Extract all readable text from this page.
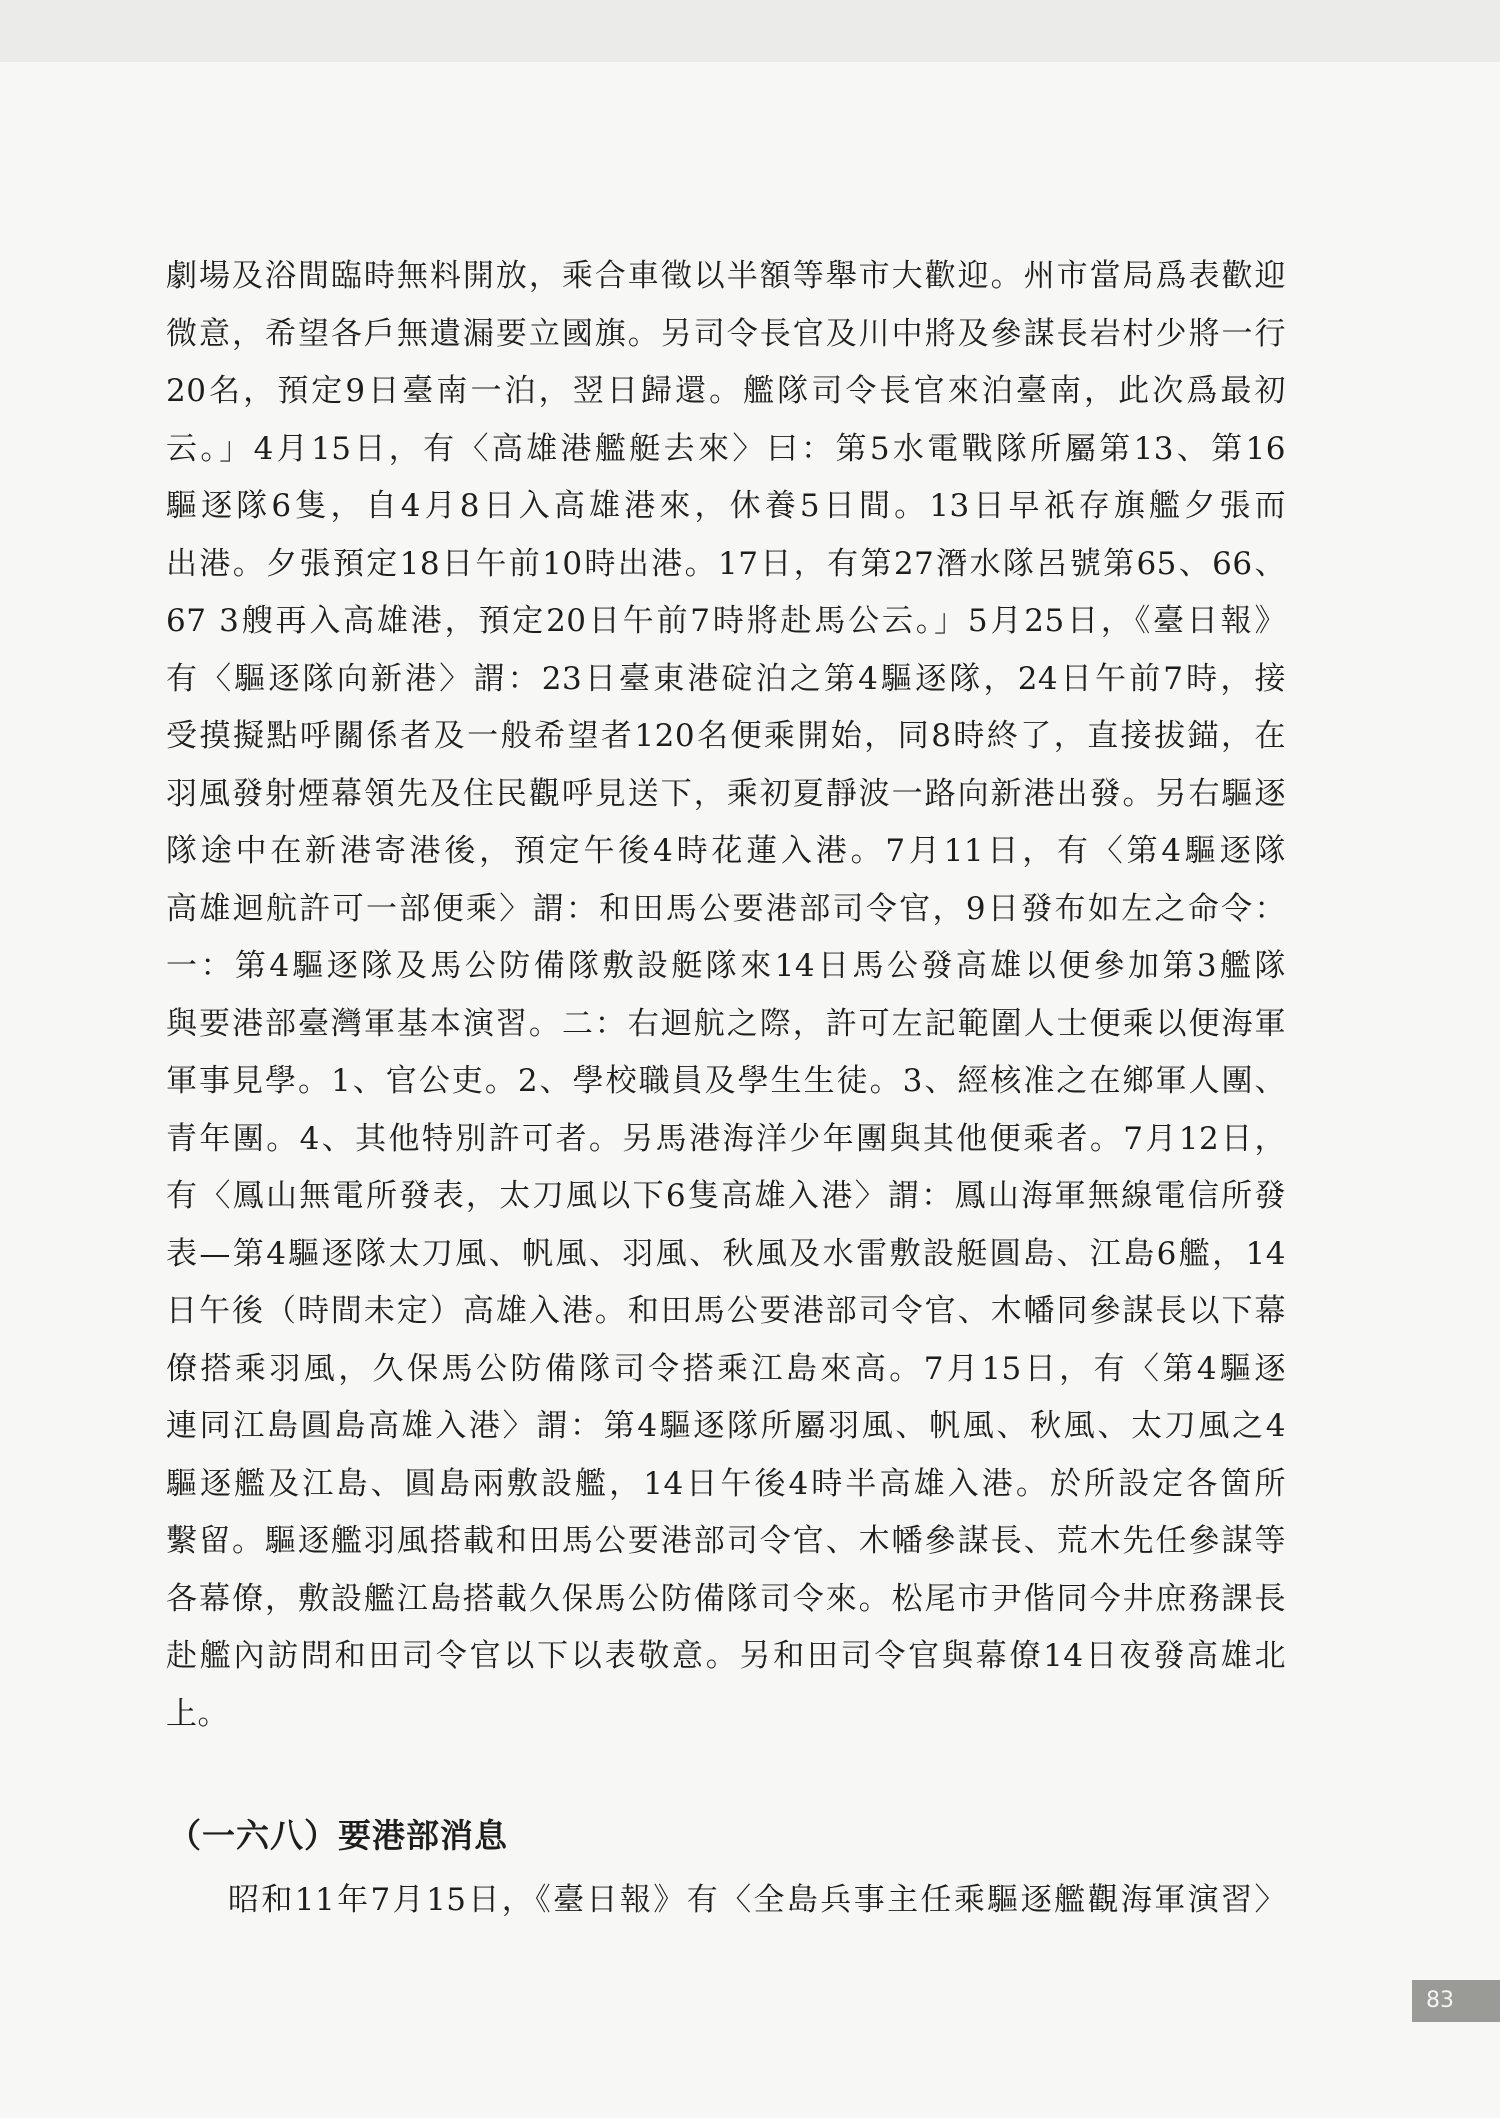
劇場及浴間臨時無料開放，乘合車徵以半額等舉市大歡迎。州市當局爲表歡迎
微意，希望各戶無遺漏要立國旗。另司令長官及川中將及參謀長岩村少將一行
20名，預定9日臺南一泊，翌日歸還。艦隊司令長官來泊臺南，此次爲最初
云。」4月15日，有〈高雄港艦艇去來〉曰：第5水電戰隊所屬第13、第16
驅逐隊6隻，自4月8日入高雄港來，休養5日間。13日早祇存旗艦夕張而
出港。夕張預定18日午前10時出港。17日，有第27潛水隊呂號第65、66、
67 3艘再入高雄港，預定20日午前7時將赴馬公云。」5月25日，《臺日報》
有〈驅逐隊向新港〉謂：23日臺東港碇泊之第4驅逐隊，24日午前7時，接
受摸擬點呼關係者及一般希望者120名便乘開始，同8時終了，直接拔錨，在
羽風發射煙幕領先及住民觀呼見送下，乘初夏靜波一路向新港出發。另右驅逐
隊途中在新港寄港後，預定午後4時花蓮入港。7月11日，有〈第4驅逐隊
高雄迴航許可一部便乘〉謂：和田馬公要港部司令官，9日發布如左之命令：
一：第4驅逐隊及馬公防備隊敷設艇隊來14日馬公發高雄以便參加第3艦隊
與要港部臺灣軍基本演習。二：右迴航之際，許可左記範圍人士便乘以便海軍
軍事見學。1、官公吏。2、學校職員及學生生徒。3、經核准之在鄉軍人團、
青年團。4、其他特別許可者。另馬港海洋少年團與其他便乘者。7月12日，
有〈鳳山無電所發表，太刀風以下6隻高雄入港〉謂：鳳山海軍無線電信所發
表—第4驅逐隊太刀風、帆風、羽風、秋風及水雷敷設艇圓島、江島6艦，14
日午後（時間未定）高雄入港。和田馬公要港部司令官、木幡同參謀長以下幕
僚搭乘羽風，久保馬公防備隊司令搭乘江島來高。7月15日，有〈第4驅逐
連同江島圓島高雄入港〉謂：第4驅逐隊所屬羽風、帆風、秋風、太刀風之4
驅逐艦及江島、圓島兩敷設艦，14日午後4時半高雄入港。於所設定各箇所
繫留。驅逐艦羽風搭載和田馬公要港部司令官、木幡參謀長、荒木先任參謀等
各幕僚，敷設艦江島搭載久保馬公防備隊司令來。松尾市尹偕同今井庶務課長
赴艦內訪問和田司令官以下以表敬意。另和田司令官與幕僚14日夜發高雄北
上。
（一六八）要港部消息
昭和11年7月15日，《臺日報》有〈全島兵事主任乘驅逐艦觀海軍演習〉
83
